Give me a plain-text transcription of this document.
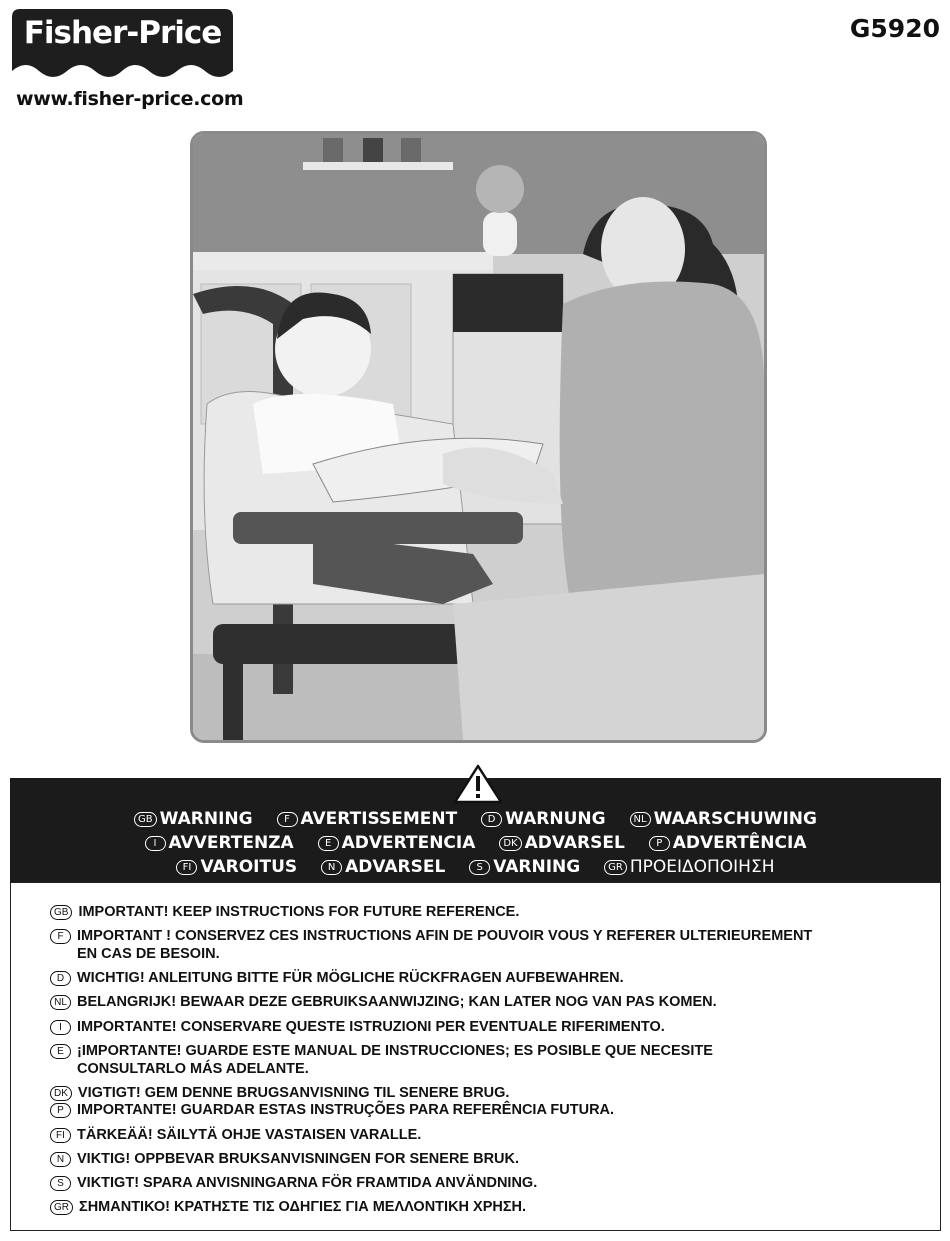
Fisher-Price
www.fisher-price.com
G5920
GB WARNING	F AVERTISSEMENT	D WARNUNG	NL WAARSCHUWING
I AVVERTENZA	E ADVERTENCIA	DK ADVARSEL	P ADVERTÊNCIA
FI VAROITUS	N ADVARSEL	S VARNING	GR ΠΡΟΕΙΔΟΠΟΙΗΣΗ
GB IMPORTANT! KEEP INSTRUCTIONS FOR FUTURE REFERENCE.
F IMPORTANT ! CONSERVEZ CES INSTRUCTIONS AFIN DE POUVOIR VOUS Y REFERER ULTERIEUREMENT
EN CAS DE BESOIN.
D WICHTIG! ANLEITUNG BITTE FÜR MÖGLICHE RÜCKFRAGEN AUFBEWAHREN.
NL BELANGRIJK! BEWAAR DEZE GEBRUIKSAANWIJZING; KAN LATER NOG VAN PAS KOMEN.
I IMPORTANTE! CONSERVARE QUESTE ISTRUZIONI PER EVENTUALE RIFERIMENTO.
E ¡IMPORTANTE! GUARDE ESTE MANUAL DE INSTRUCCIONES; ES POSIBLE QUE NECESITE
CONSULTARLO MÁS ADELANTE.
DK VIGTIGT! GEM DENNE BRUGSANVISNING TIL SENERE BRUG.
P IMPORTANTE! GUARDAR ESTAS INSTRUÇÕES PARA REFERÊNCIA FUTURA.
FI TÄRKEÄÄ! SÄILYTÄ OHJE VASTAISEN VARALLE.
N VIKTIG! OPPBEVAR BRUKSANVISNINGEN FOR SENERE BRUK.
S VIKTIGT! SPARA ANVISNINGARNA FÖR FRAMTIDA ANVÄNDNING.
GR ΣΗΜΑΝΤΙΚΟ! ΚΡΑΤΗΣΤΕ ΤΙΣ ΟΔΗΓΙΕΣ ΓΙΑ ΜΕΛΛΟΝΤΙΚΗ ΧΡΗΣΗ.
